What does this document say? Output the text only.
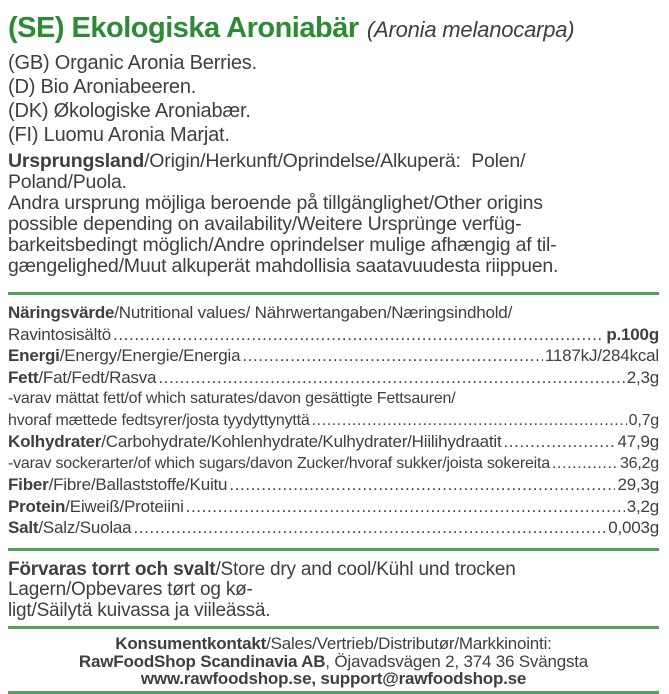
(SE) Ekologiska Aroniabär (Aronia melanocarpa)
(GB) Organic Aronia Berries.
(D) Bio Aroniabeeren.
(DK) Økologiske Aroniabær.
(FI) Luomu Aronia Marjat.
Ursprungsland/Origin/Herkunft/Oprindelse/Alkuperä:  Polen/
Poland/Puola.
Andra ursprung möjliga beroende på tillgänglighet/Other origins
possible depending on availability/Weitere Ursprünge verfüg-
barkeitsbedingt möglich/Andre oprindelser mulige afhængig af til-
gængelighed/Muut alkuperät mahdollisia saatavuudesta riippuen.
Näringsvärde/Nutritional values/ Nährwertangaben/Næringsindhold/
Ravintosisältö .....	p.100g
Energi /Energy/Energie/Energia .....	1187kJ/284kcal
Fett /Fat/Fedt/Rasva .....	2,3g
-varav mättat fett/of which saturates/davon gesättigte Fettsauren/
hvoraf mættede fedtsyrer/josta tyydyttynyttä .....	0,7g
Kolhydrater /Carbohydrate/Kohlenhydrate/Kulhydrater/Hiilihydraatit .....	47,9g
-varav sockerarter/of which sugars/davon Zucker/hvoraf sukker/joista sokereita .....	36,2g
Fiber /Fibre/Ballaststoffe/Kuitu .....	29,3g
Protein /Eiweiß/Proteiini .....	3,2g
Salt /Salz/Suolaa .....	0,003g
Förvaras torrt och svalt/Store dry and cool/Kühl und trocken Lagern/Opbevares tørt og kø-
ligt/Säilytä kuivassa ja viileässä.
Konsumentkontakt/Sales/Vertrieb/Distributør/Markkinointi:
RawFoodShop Scandinavia AB, Öjavadsvägen 2, 374 36 Svängsta
www.rawfoodshop.se, support@rawfoodshop.se
